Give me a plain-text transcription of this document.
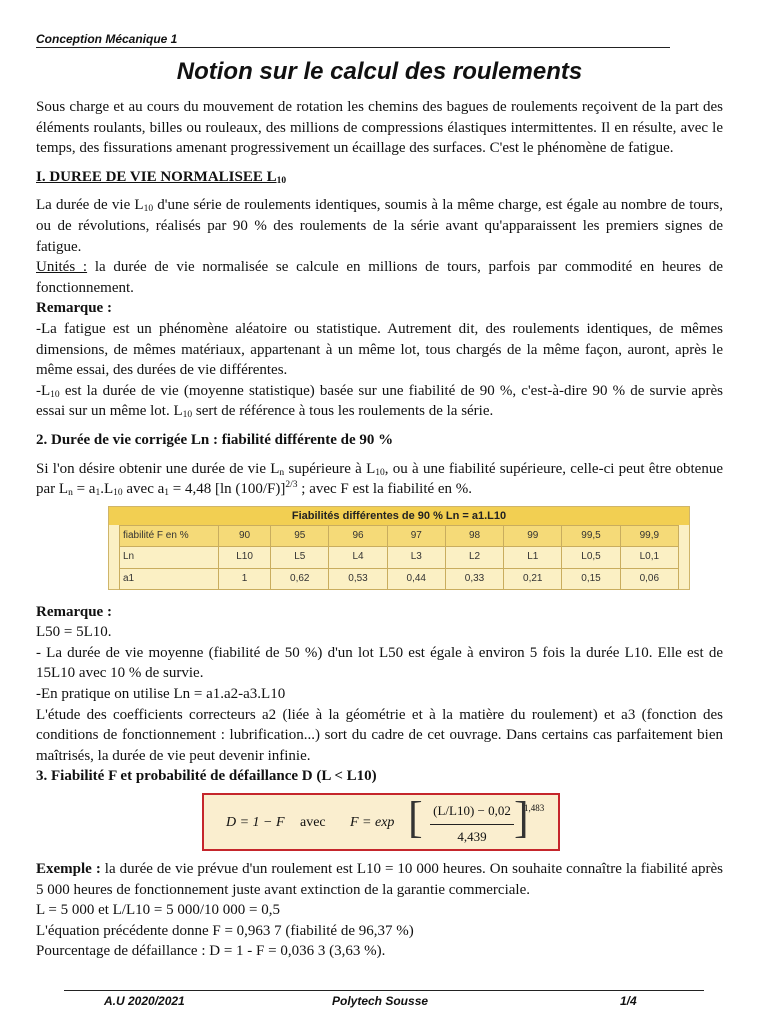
Conception Mécanique 1
Notion sur le calcul des roulements

Sous charge et au cours du mouvement de rotation les chemins des bagues de roulements reçoivent de la part des éléments roulants, billes ou rouleaux, des millions de compressions élastiques intermittentes. Il en résulte, avec le temps, des fissurations amenant progressivement un écaillage des surfaces. C'est le phénomène de fatigue.

I. DUREE DE VIE NORMALISEE $L_{10}$

La durée de vie $L_{10}$ d'une série de roulements identiques, soumis à la même charge, est égale au nombre de tours, ou de révolutions, réalisés par 90 % des roulements de la série avant qu'apparaissent les premiers signes de fatigue.

Unités : la durée de vie normalisée se calcule en millions de tours, parfois par commodité en heures de fonctionnement.

Remarque :

-La fatigue est un phénomène aléatoire ou statistique. Autrement dit, des roulements identiques, de mêmes dimensions, de mêmes matériaux, appartenant à un même lot, tous chargés de la même façon, auront, après le même essai, des durées de vie différentes.

$-L_{10}$ est la durée de vie (moyenne statistique) basée sur une fiabilité de 90 %, c'est-à-dire 90 % de survie après essai sur un même lot. $L_{10}$ sert de référence à tous les roulements de la série.

2. Durée de vie corrigée Ln : fiabilité différente de 90 %

Si l'on désire obtenir une durée de vie $L_n$ supérieure à $L_{10}$, ou à une fiabilité supérieure, celle-ci peut être obtenue par $L_n = a_1.L_{10}$ avec $a_1 = 4,48$ [ln (100/F)]$^{2/3}$ ; avec F est la fiabilité en %.

Fiabilités différentes de 90 % Ln = a1.L10
fiabilité F en %	90	95	96	97	98	99	99,5	99,9
Ln	L10	L5	L4	L3	L2	L1	L0,5	L0,1
a1	1	0,62	0,53	0,44	0,33	0,21	0,15	0,06

Remarque :

L50 = 5L10.

- La durée de vie moyenne (fiabilité de 50 %) d'un lot L50 est égale à environ 5 fois la durée L10. Elle est de 15L10 avec 10 % de survie.

-En pratique on utilise Ln = a1.a2-a3.L10

L'étude des coefficients correcteurs a2 (liée à la géométrie et à la matière du roulement) et a3 (fonction des conditions de fonctionnement : lubrification...) sort du cadre de cet ouvrage. Dans certains cas parfaitement bien maîtrisés, la durée de vie peut devenir infinie.

3. Fiabilité F et probabilité de défaillance D (L < L10)

D = 1 − F avec F = exp [ $\frac{(L/L10) - 0,02}{4,439}$ ]
1,483

Exemple : la durée de vie prévue d'un roulement est L10 = 10 000 heures. On souhaite connaître la fiabilité après 5 000 heures de fonctionnement juste avant extinction de la garantie commerciale.

L = 5 000 et L/L10 = 5 000/10 000 = 0,5

L'équation précédente donne F = 0,963 7 (fiabilité de 96,37 %)

Pourcentage de défaillance : D = 1 - F = 0,036 3 (3,63 %).

A.U 2020/2021	Polytech Sousse	1/4
